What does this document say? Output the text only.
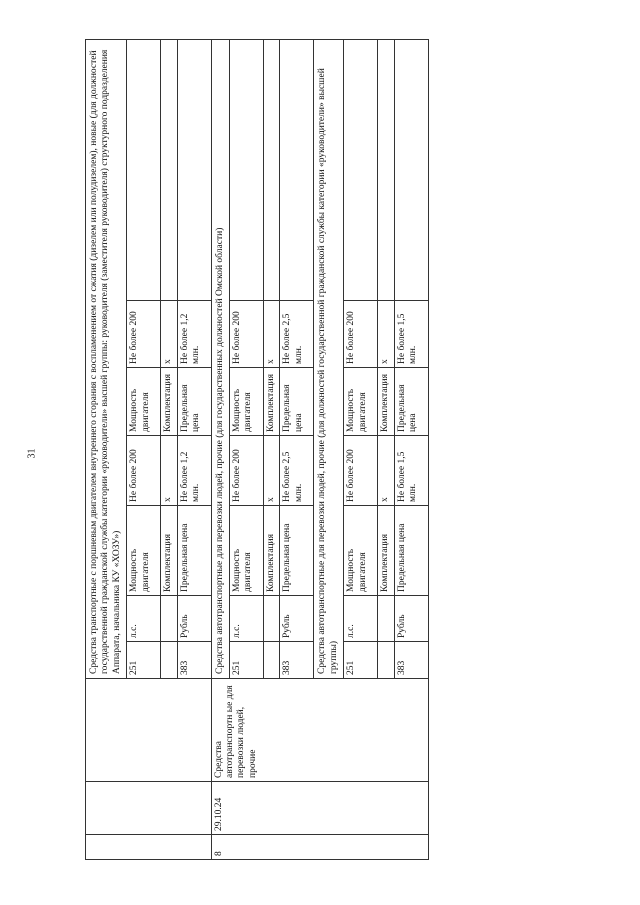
31
				Средства транспортные с поршневым двигателем внутреннего сгорания с воспламенением от сжатия (дизелем или полудизелем), новые (для должностей государственной гражданской службы категории «руководители» высшей группы: руководителя (заместителя руководителя) структурного подразделения Аппарата, начальника КУ «ХОЗУ»)						
			251	л.с.	Мощность двигателя	Не более 200	Мощность двигателя	Не более 200	
					Комплектация	x	Комплектация	x	
			383	Рубль	Предельная цена	Не более 1,2 млн.	Предельная цена	Не более 1,2 млн.	
8	29.10.24	Средства автотранспортн ые для перевозки людей, прочие	Средства автотранспортные для перевозки людей, прочие (для государственных должностей Омской области)						
			251	л.с.	Мощность двигателя	Не более 200	Мощность двигателя	Не более 200	
					Комплектация	x	Комплектация	x	
			383	Рубль	Предельная цена	Не более 2,5 млн.	Предельная цена	Не более 2,5 млн.	
			Средства автотранспортные для перевозки людей, прочие (для должностей государственной гражданской службы категории «руководители» высшей группы)						
			251	л.с.	Мощность двигателя	Не более 200	Мощность двигателя	Не более 200	
					Комплектация	x	Комплектация	x	
			383	Рубль	Предельная цена	Не более 1,5 млн.	Предельная цена	Не более 1,5 млн.	
